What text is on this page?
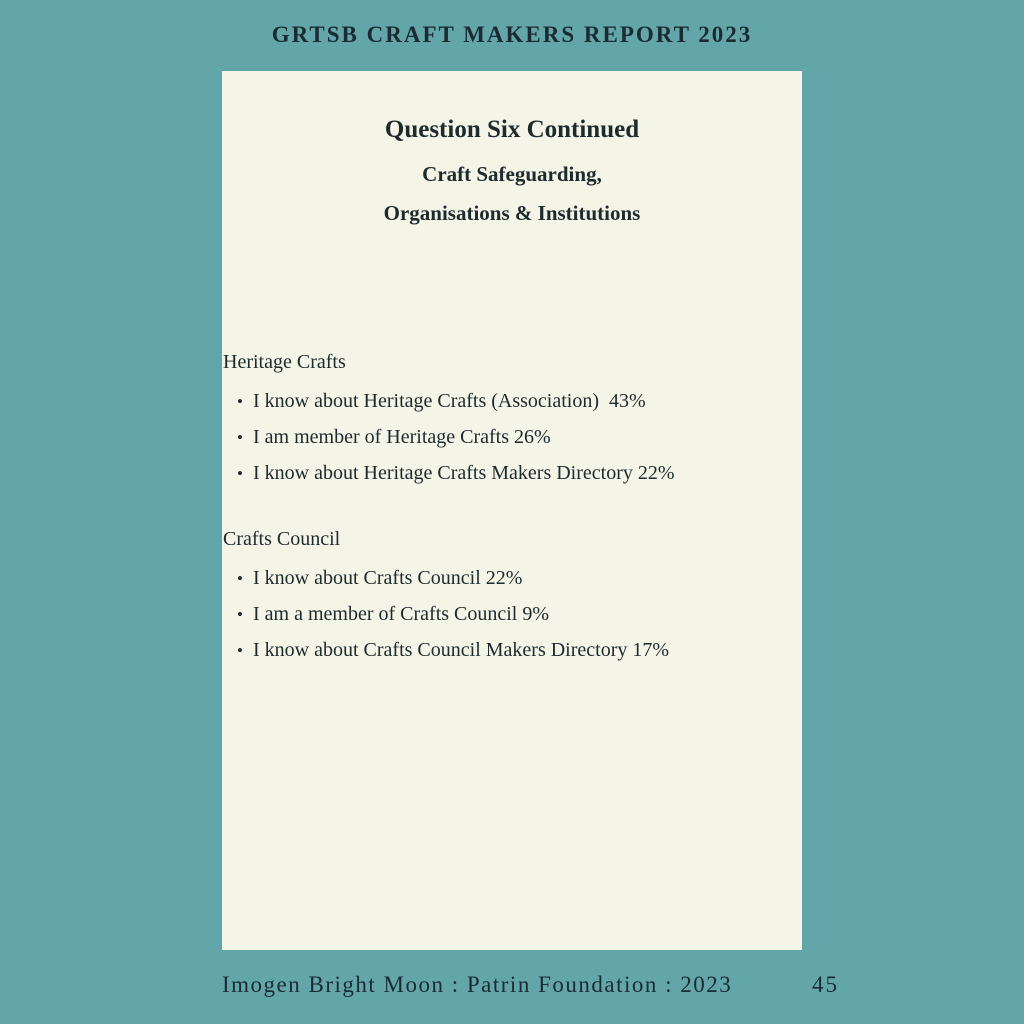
GRTSB CRAFT MAKERS REPORT 2023
Question Six Continued
Craft Safeguarding,
Organisations & Institutions
Heritage Crafts
• I know about Heritage Crafts (Association)  43%
• I am member of Heritage Crafts 26%
• I know about Heritage Crafts Makers Directory 22%
Crafts Council
• I know about Crafts Council 22%
• I am a member of Crafts Council 9%
• I know about Crafts Council Makers Directory 17%
Imogen Bright Moon : Patrin Foundation : 2023	45
